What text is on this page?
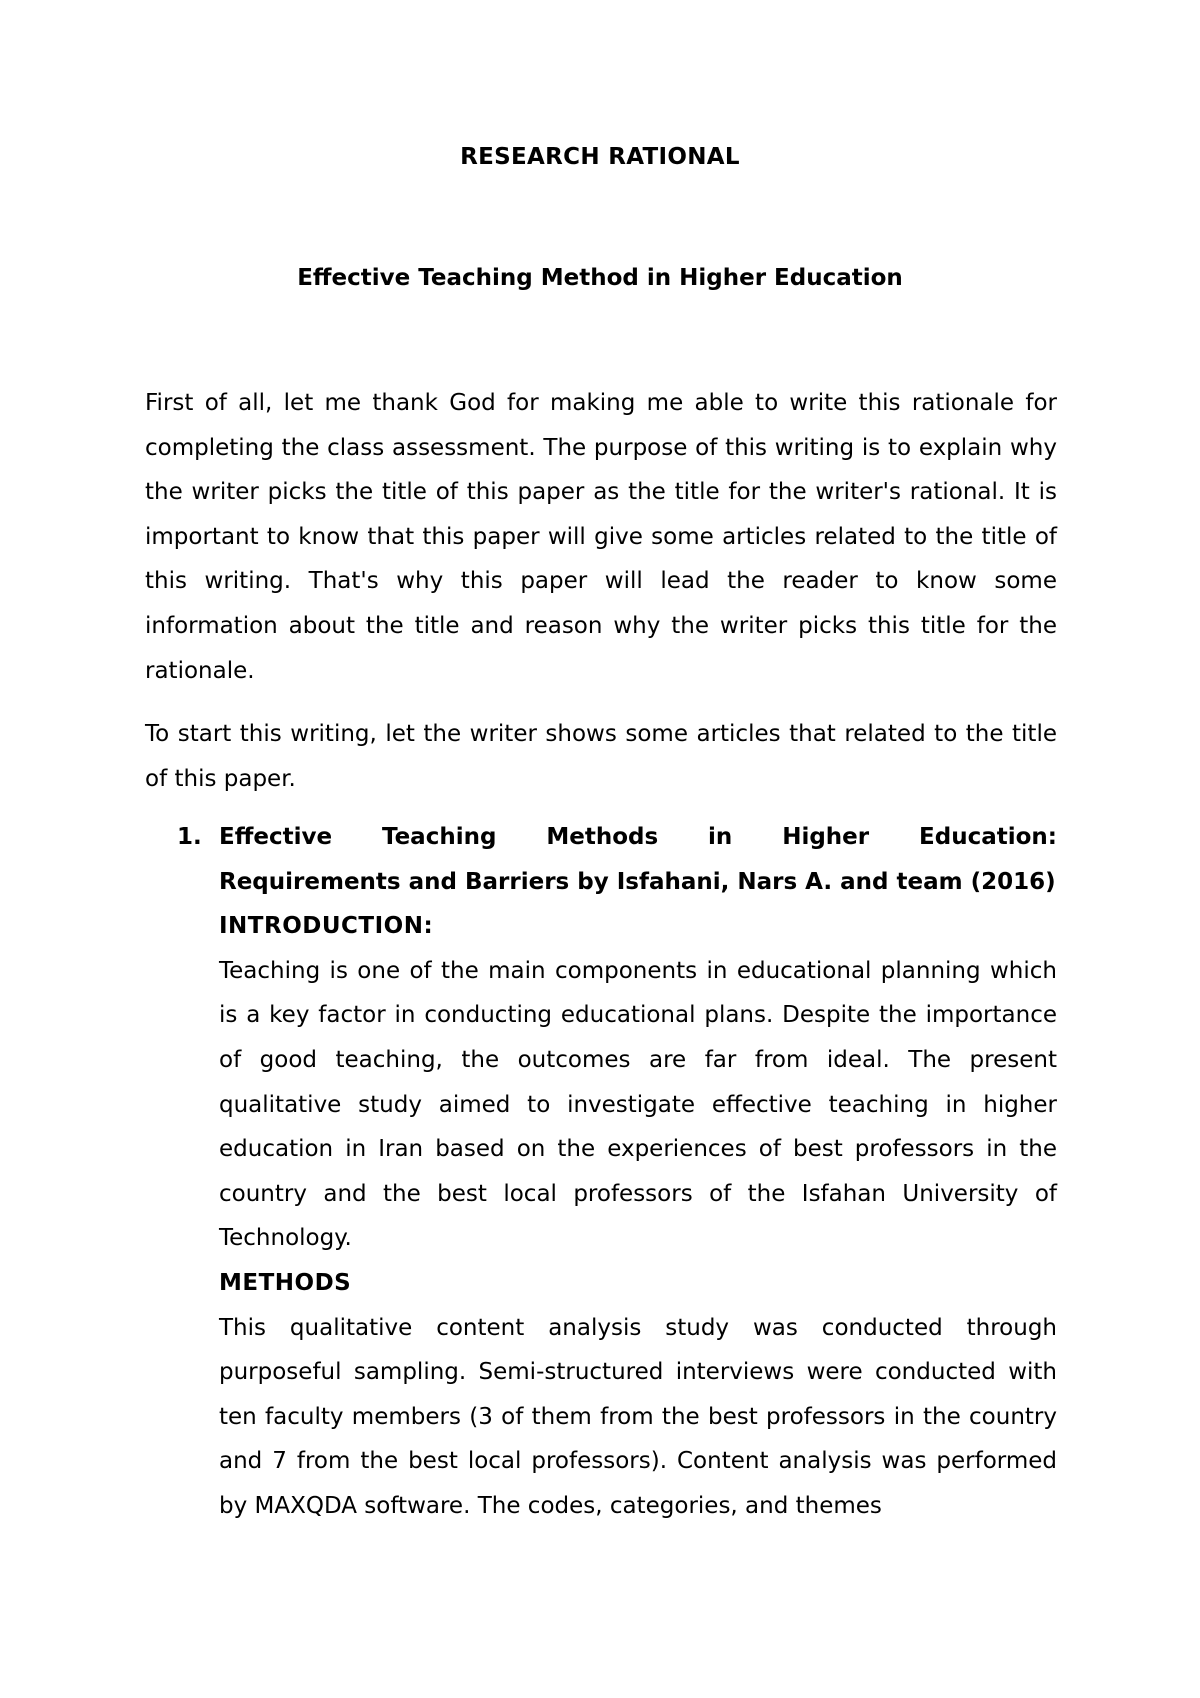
RESEARCH RATIONAL
Effective Teaching Method in Higher Education

First of all, let me thank God for making me able to write this rationale for completing the class assessment. The purpose of this writing is to explain why the writer picks the title of this paper as the title for the writer's rational. It is important to know that this paper will give some articles related to the title of this writing. That's why this paper will lead the reader to know some information about the title and reason why the writer picks this title for the rationale.

To start this writing, let the writer shows some articles that related to the title of this paper.

1. Effective Teaching Methods in Higher Education:
Requirements and Barriers by Isfahani, Nars A. and team (2016)

INTRODUCTION:

Teaching is one of the main components in educational planning which is a key factor in conducting educational plans. Despite the importance of good teaching, the outcomes are far from ideal. The present qualitative study aimed to investigate effective teaching in higher education in Iran based on the experiences of best professors in the country and the best local professors of the Isfahan University of Technology.

METHODS

This qualitative content analysis study was conducted through purposeful sampling. Semi-structured interviews were conducted with ten faculty members (3 of them from the best professors in the country and 7 from the best local professors). Content analysis was performed by MAXQDA software. The codes, categories, and themes
